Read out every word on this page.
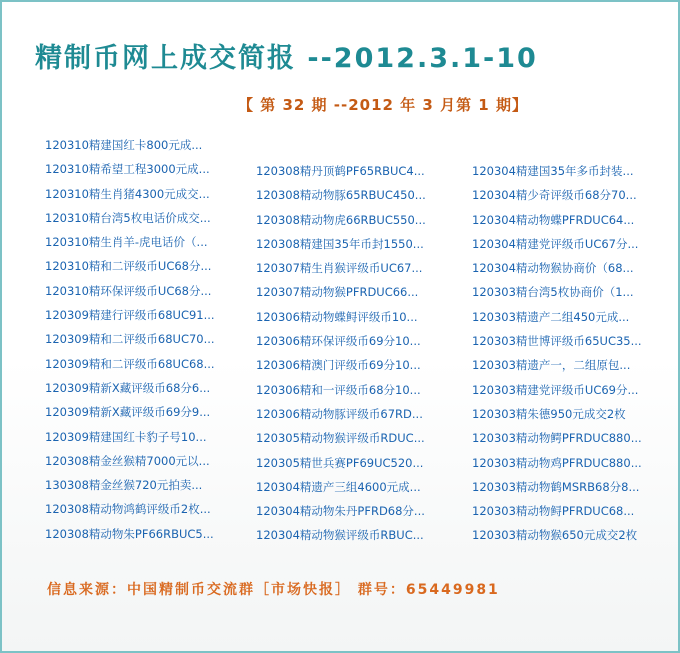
精制币网上成交简报 --2012.3.1-10
【 第 32 期 --2012 年 3 月第 1 期】
120310精建国红卡800元成...
120310精希望工程3000元成...
120310精生肖猪4300元成交...
120310精台湾5枚电话价成交...
120310精生肖羊-虎电话价（...
120310精和二评级币UC68分...
120310精环保评级币UC68分...
120309精建行评级币68UC91...
120309精和二评级币68UC70...
120309精和二评级币68UC68...
120309精新X藏评级币68分6...
120309精新X藏评级币69分9...
120309精建国红卡豹子号10...
120308精金丝猴精7000元以...
130308精金丝猴720元拍卖...
120308精动物鸿鹤评级币2枚...
120308精动物朱PF66RBUC5...
120308精丹顶鹤PF65RBUC4...
120308精动物豚65RBUC450...
120308精动物虎66RBUC550...
120308精建国35年币封1550...
120307精生肖猴评级币UC67...
120307精动物猴PFRDUC66...
120306精动物蝶鲟评级币10...
120306精环保评级币69分10...
120306精澳门评级币69分10...
120306精和一评级币68分10...
120306精动物豚评级币67RD...
120305精动物猴评级币RDUC...
120305精世兵赛PF69UC520...
120304精遗产三组4600元成...
120304精动物朱丹PFRD68分...
120304精动物猴评级币RBUC...
120304精建国35年多币封装...
120304精少奇评级币68分70...
120304精动物蝶PFRDUC64...
120304精建党评级币UC67分...
120304精动物猴协商价（68...
120303精台湾5枚协商价（1...
120303精遗产二组450元成...
120303精世博评级币65UC35...
120303精遗产一，二组原包...
120303精建党评级币UC69分...
120303精朱德950元成交2枚
120303精动物鳄PFRDUC880...
120303精动物鸡PFRDUC880...
120303精动物鹤MSRB68分8...
120303精动物鲟PFRDUC68...
120303精动物猴650元成交2枚
信息来源：中国精制币交流群［市场快报］ 群号：65449981
